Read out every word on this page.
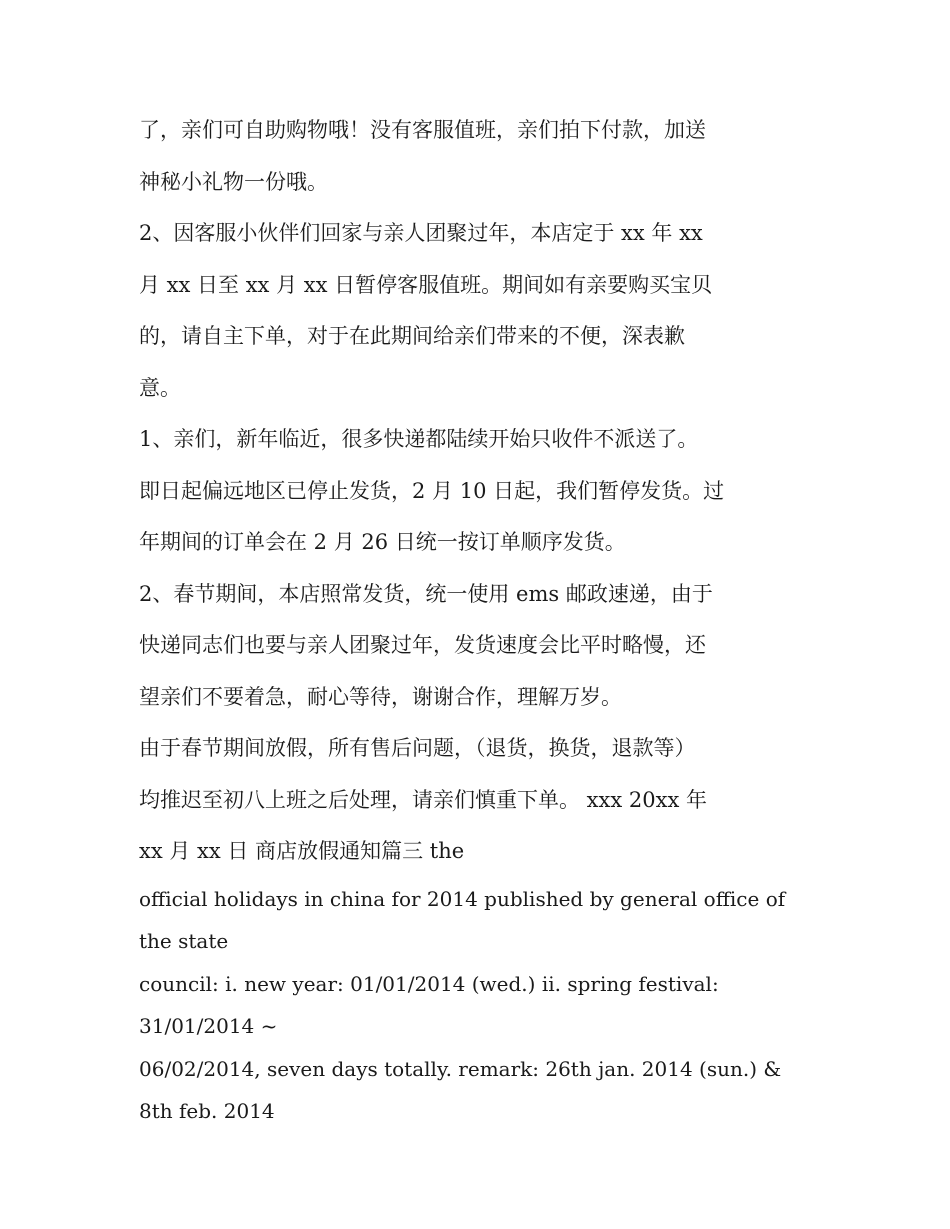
了，亲们可自助购物哦！没有客服值班，亲们拍下付款，加送

神秘小礼物一份哦。

2、因客服小伙伴们回家与亲人团聚过年，本店定于 xx 年 xx

月 xx 日至 xx 月 xx 日暂停客服值班。期间如有亲要购买宝贝

的，请自主下单，对于在此期间给亲们带来的不便，深表歉

意。

1、亲们，新年临近，很多快递都陆续开始只收件不派送了。

即日起偏远地区已停止发货，2 月 10 日起，我们暂停发货。过

年期间的订单会在 2 月 26 日统一按订单顺序发货。

2、春节期间，本店照常发货，统一使用 ems 邮政速递，由于

快递同志们也要与亲人团聚过年，发货速度会比平时略慢，还

望亲们不要着急，耐心等待，谢谢合作，理解万岁。

由于春节期间放假，所有售后问题，（退货，换货，退款等）

均推迟至初八上班之后处理，请亲们慎重下单。 xxx 20xx 年

xx 月 xx 日 商店放假通知篇三 the

official holidays in china for 2014 published by general office of

the state

council: i. new year: 01/01/2014 (wed.) ii. spring festival:

31/01/2014 ~

06/02/2014, seven days totally. remark: 26th jan. 2014 (sun.) &

8th feb. 2014
